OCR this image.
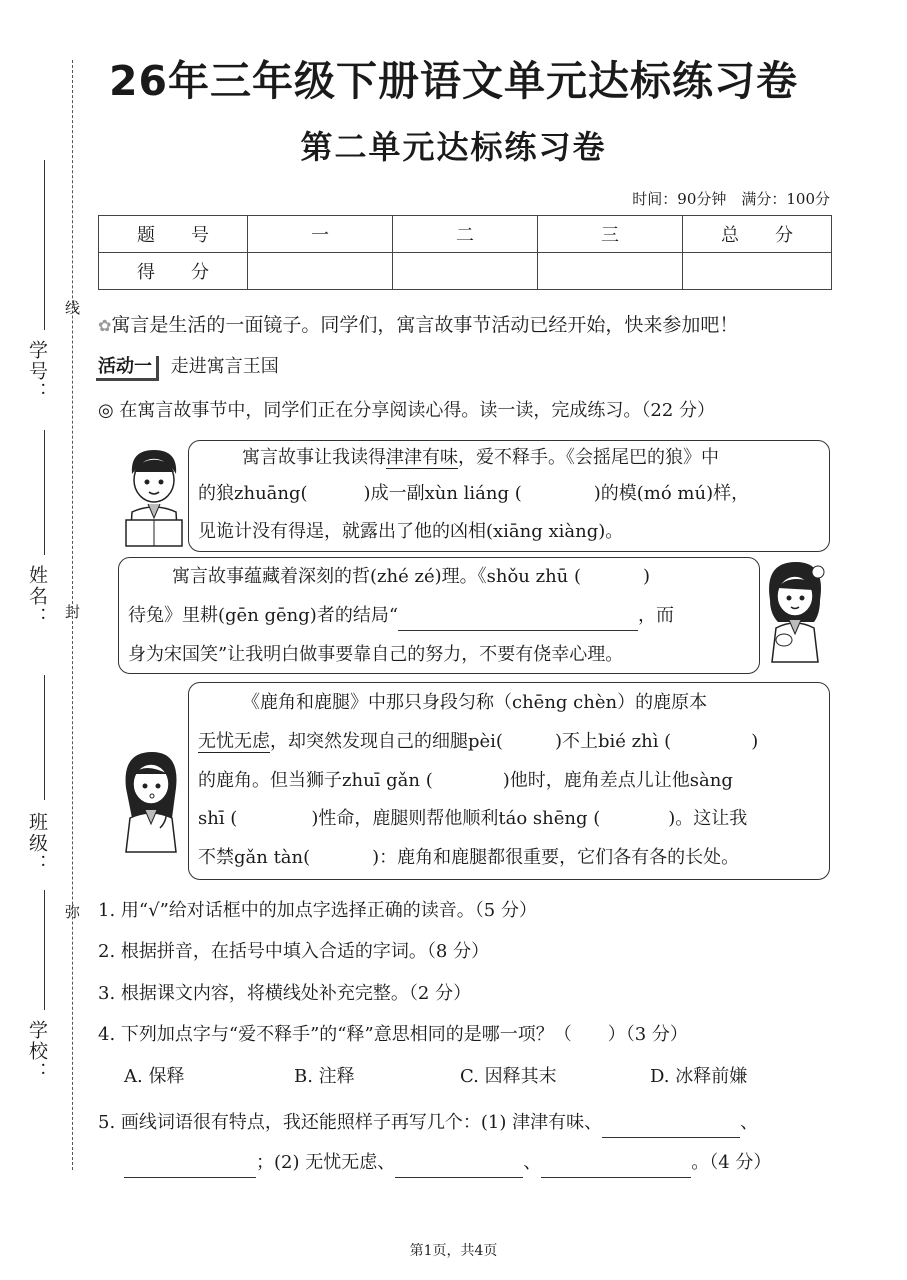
线
封
弥
学号：
姓名：
班级：
学校：
26年三年级下册语文单元达标练习卷
第二单元达标练习卷
时间：90分钟　满分：100分
题　　号	一	二	三	总　　分
得　　分				
✿寓言是生活的一面镜子。同学们，寓言故事节活动已经开始，快来参加吧！
活动一 走进寓言王国
◎ 在寓言故事节中，同学们正在分享阅读心得。读一读，完成练习。（22 分）
寓言故事让我读得津津有味，爱不释手。《会摇尾巴的狼》中
的狼zhuāng(	)成一副xùn liáng (	)的模(mó mú)样，
见诡计没有得逞，就露出了他的凶相(xiāng xiàng)。
寓言故事蕴藏着深刻的哲(zhé zé)理。《shǒu zhū (	)
待兔》里耕(gēn gēng)者的结局“	，而
身为宋国笑”让我明白做事要靠自己的努力，不要有侥幸心理。
《鹿角和鹿腿》中那只身段匀称（chēng chèn）的鹿原本
无忧无虑，却突然发现自己的细腿pèi(	)不上bié zhì (	)
的鹿角。但当狮子zhuī gǎn (	)他时，鹿角差点儿让他sàng
shī (	)性命，鹿腿则帮他顺利táo shēng (	)。这让我
不禁gǎn tàn(	)：鹿角和鹿腿都很重要，它们各有各的长处。
1. 用“√”给对话框中的加点字选择正确的读音。（5 分）
2. 根据拼音，在括号中填入合适的字词。（8 分）
3. 根据课文内容，将横线处补充完整。（2 分）
4. 下列加点字与“爱不释手”的“释”意思相同的是哪一项？（　　）（3 分）
A. 保释	B. 注释	C. 因释其末	D. 冰释前嫌
5. 画线词语很有特点，我还能照样子再写几个：(1) 津津有味、	、
；(2) 无忧无虑、	、	。（4 分）
第1页，共4页
